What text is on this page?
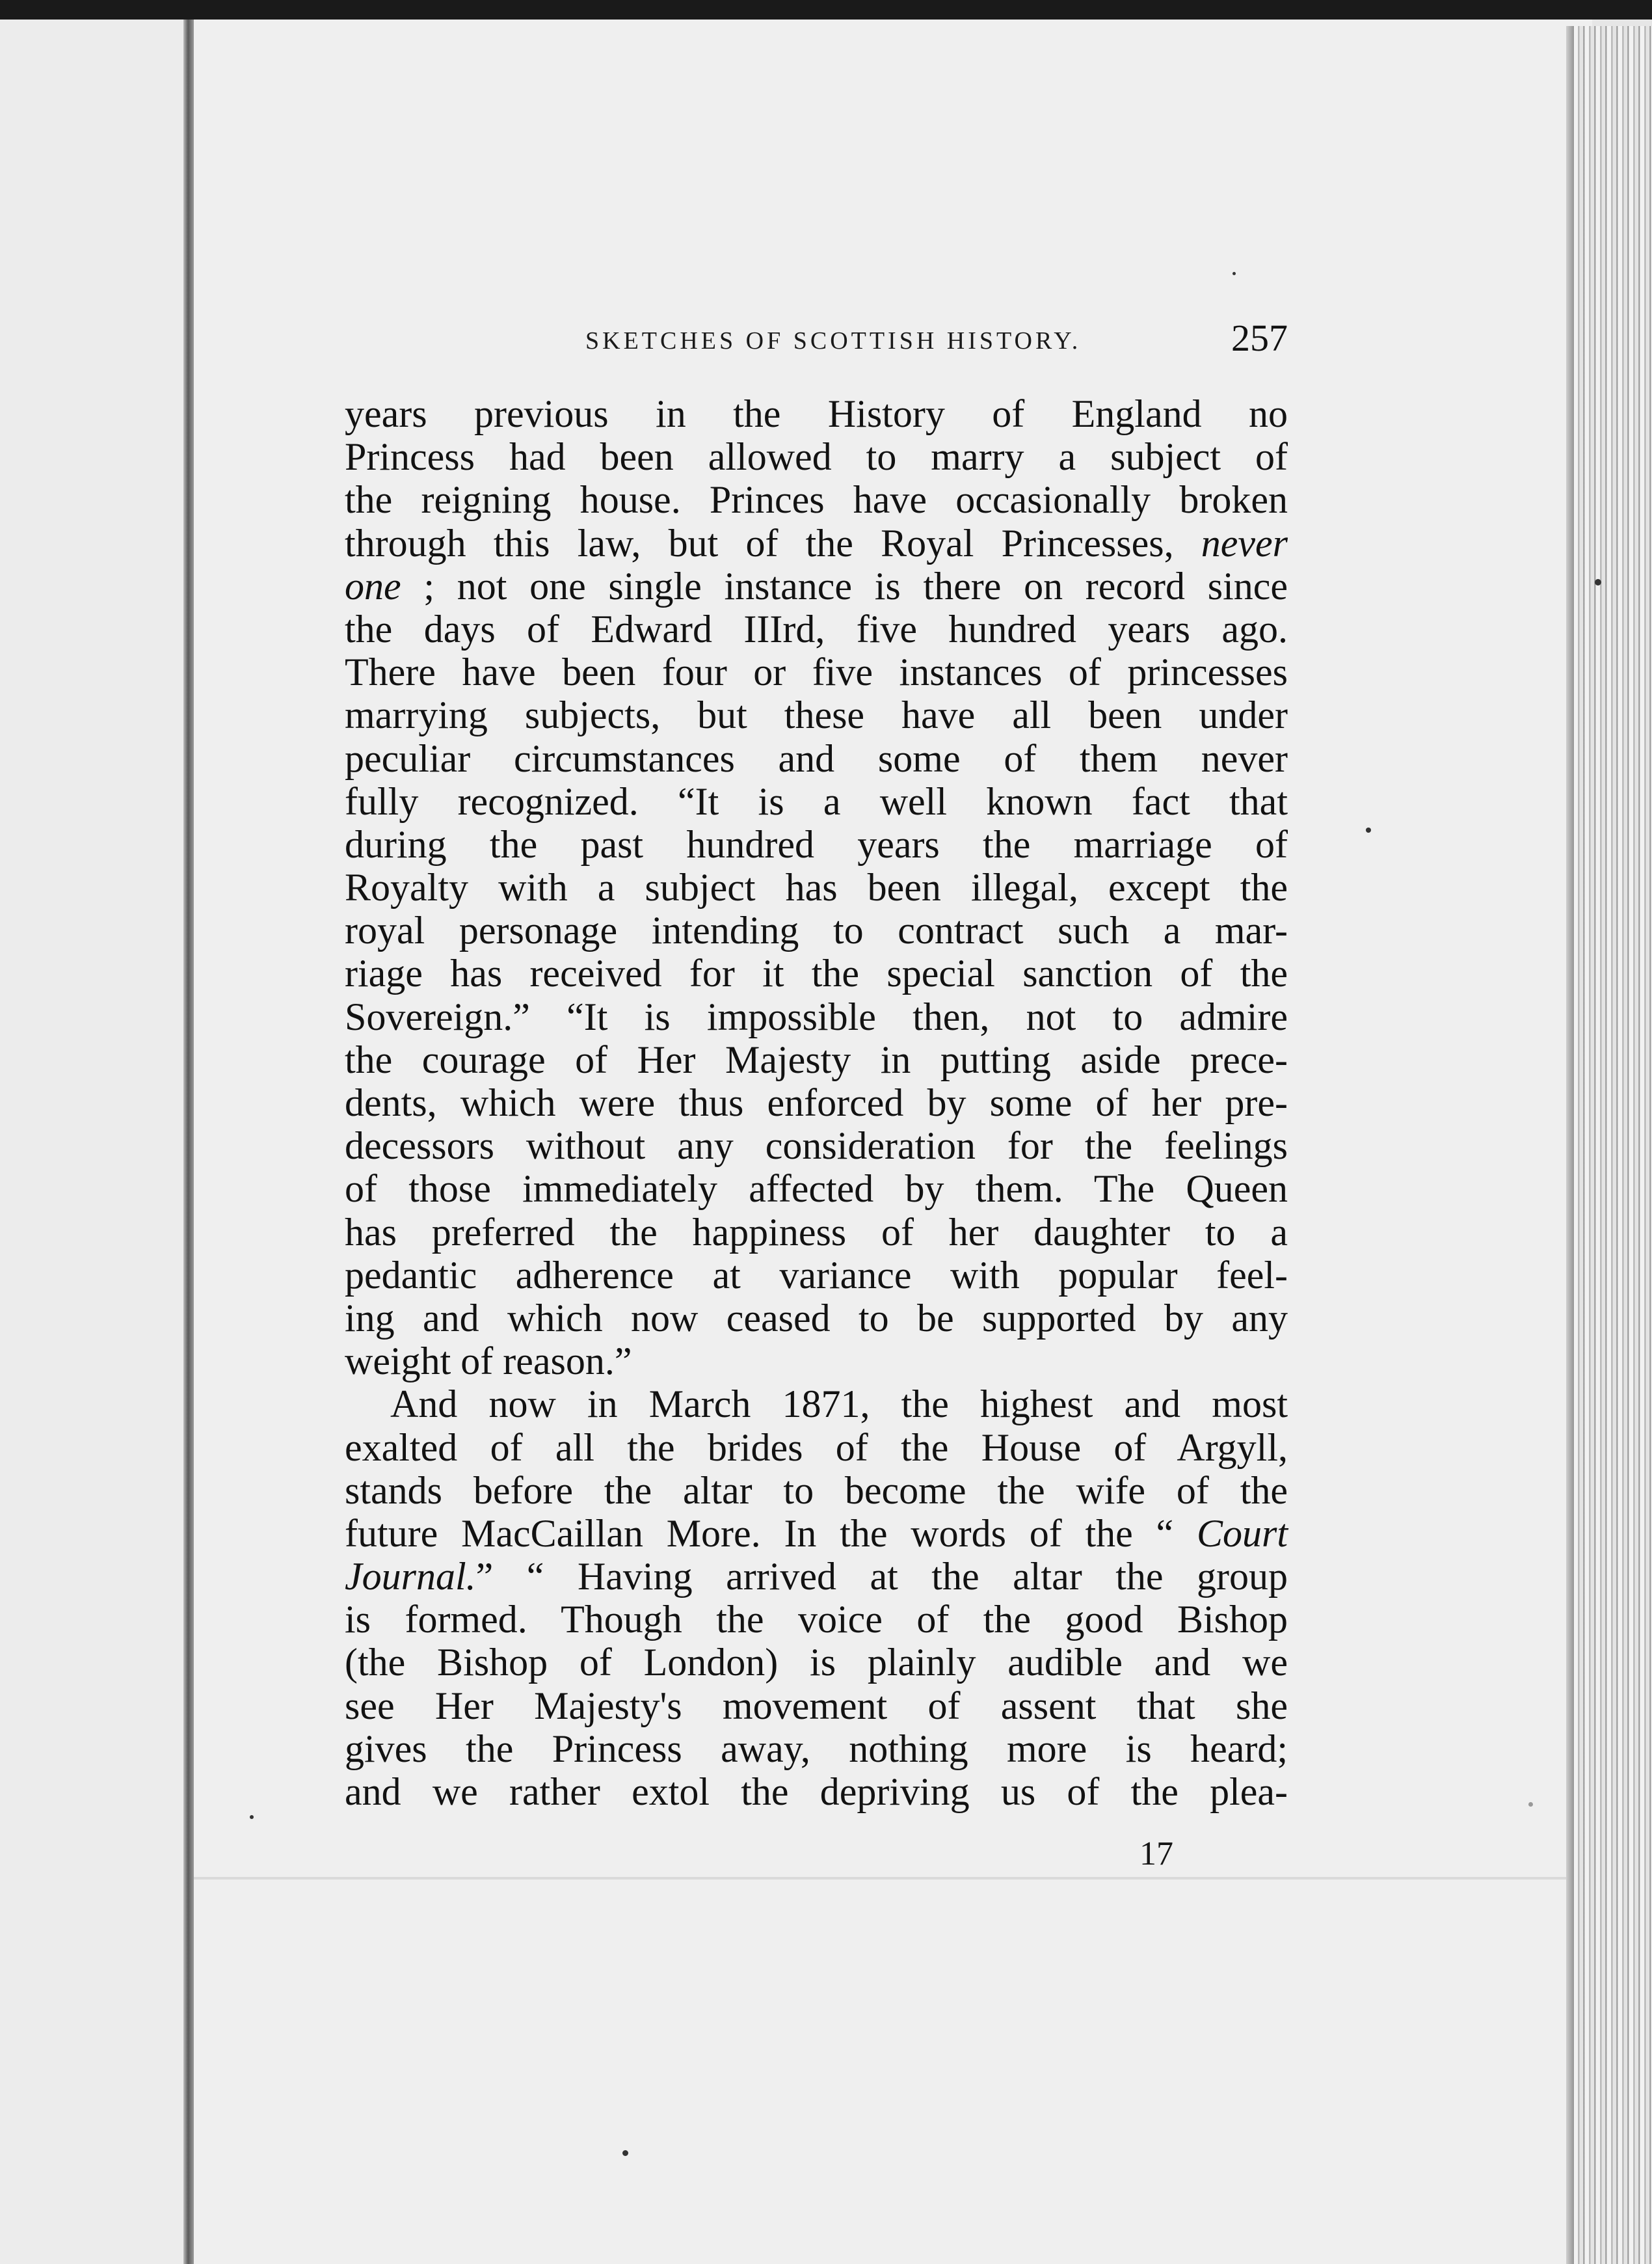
SKETCHES OF SCOTTISH HISTORY.	257
years previous in the History of England no
Princess had been allowed to marry a subject of
the reigning house. Princes have occasionally broken
through this law, but of the Royal Princesses, never
one ; not one single instance is there on record since
the days of Edward IIIrd, five hundred years ago.
There have been four or five instances of princesses
marrying subjects, but these have all been under
peculiar circumstances and some of them never
fully recognized. “It is a well known fact that
during the past hundred years the marriage of
Royalty with a subject has been illegal, except the
royal personage intending to contract such a mar-
riage has received for it the special sanction of the
Sovereign.” “It is impossible then, not to admire
the courage of Her Majesty in putting aside prece-
dents, which were thus enforced by some of her pre-
decessors without any consideration for the feelings
of those immediately affected by them. The Queen
has preferred the happiness of her daughter to a
pedantic adherence at variance with popular feel-
ing and which now ceased to be supported by any
weight of reason.”
And now in March 1871, the highest and most
exalted of all the brides of the House of Argyll,
stands before the altar to become the wife of the
future MacCaillan More. In the words of the “ Court
Journal.” “ Having arrived at the altar the group
is formed. Though the voice of the good Bishop
(the Bishop of London) is plainly audible and we
see Her Majesty's movement of assent that she
gives the Princess away, nothing more is heard;
and we rather extol the depriving us of the plea-
17
